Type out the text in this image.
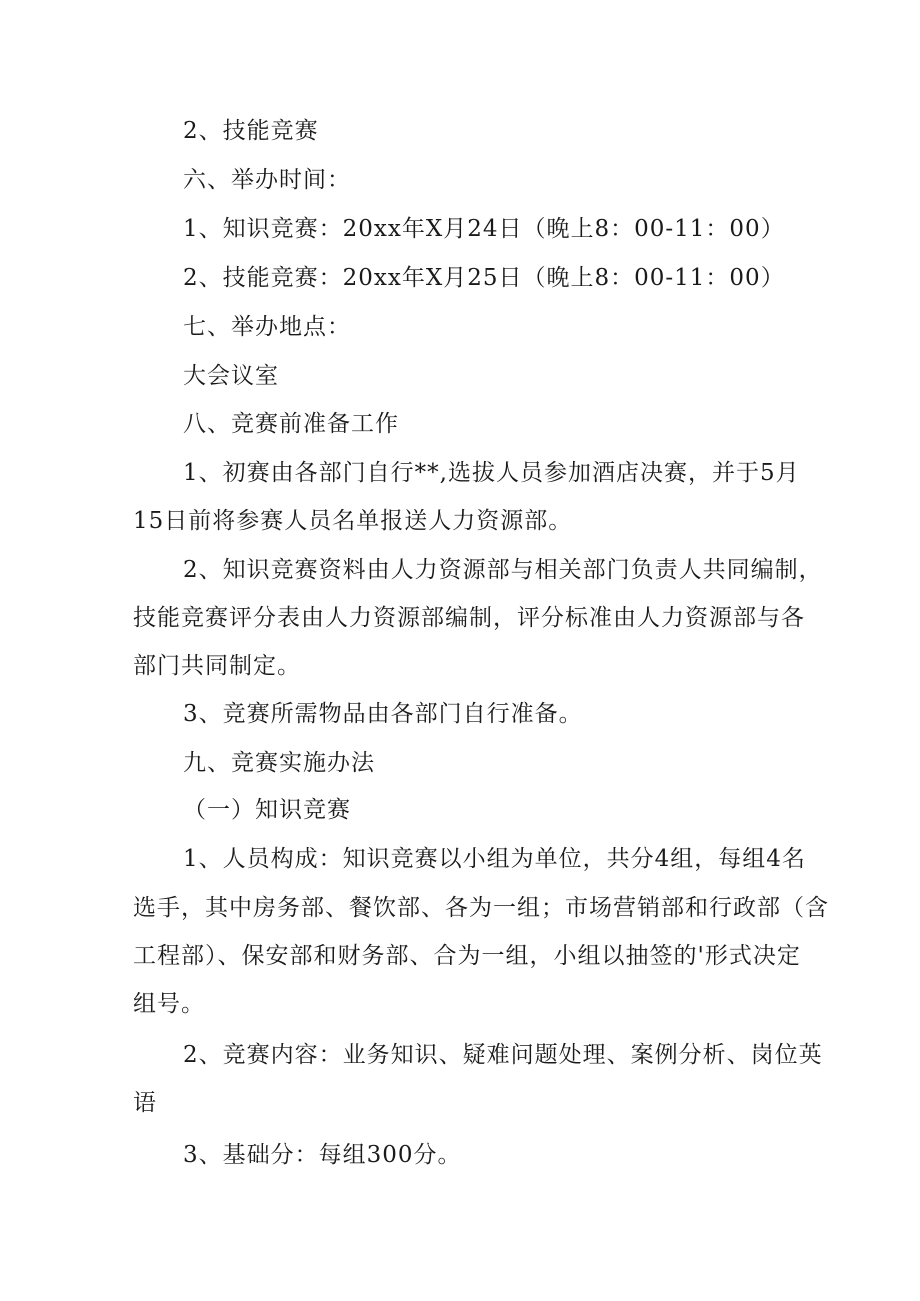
2、技能竞赛
六、举办时间：
1、知识竞赛：20xx年X月24日（晚上8：00-11：00）
2、技能竞赛：20xx年X月25日（晚上8：00-11：00）
七、举办地点：
大会议室
八、竞赛前准备工作
1、初赛由各部门自行**,选拔人员参加酒店决赛，并于5月
15日前将参赛人员名单报送人力资源部。
2、知识竞赛资料由人力资源部与相关部门负责人共同编制，
技能竞赛评分表由人力资源部编制，评分标准由人力资源部与各
部门共同制定。
3、竞赛所需物品由各部门自行准备。
九、竞赛实施办法
（一）知识竞赛
1、人员构成：知识竞赛以小组为单位，共分4组，每组4名
选手，其中房务部、餐饮部、各为一组；市场营销部和行政部（含
工程部）、保安部和财务部、合为一组，小组以抽签的'形式决定
组号。
2、竞赛内容：业务知识、疑难问题处理、案例分析、岗位英
语
3、基础分：每组300分。
